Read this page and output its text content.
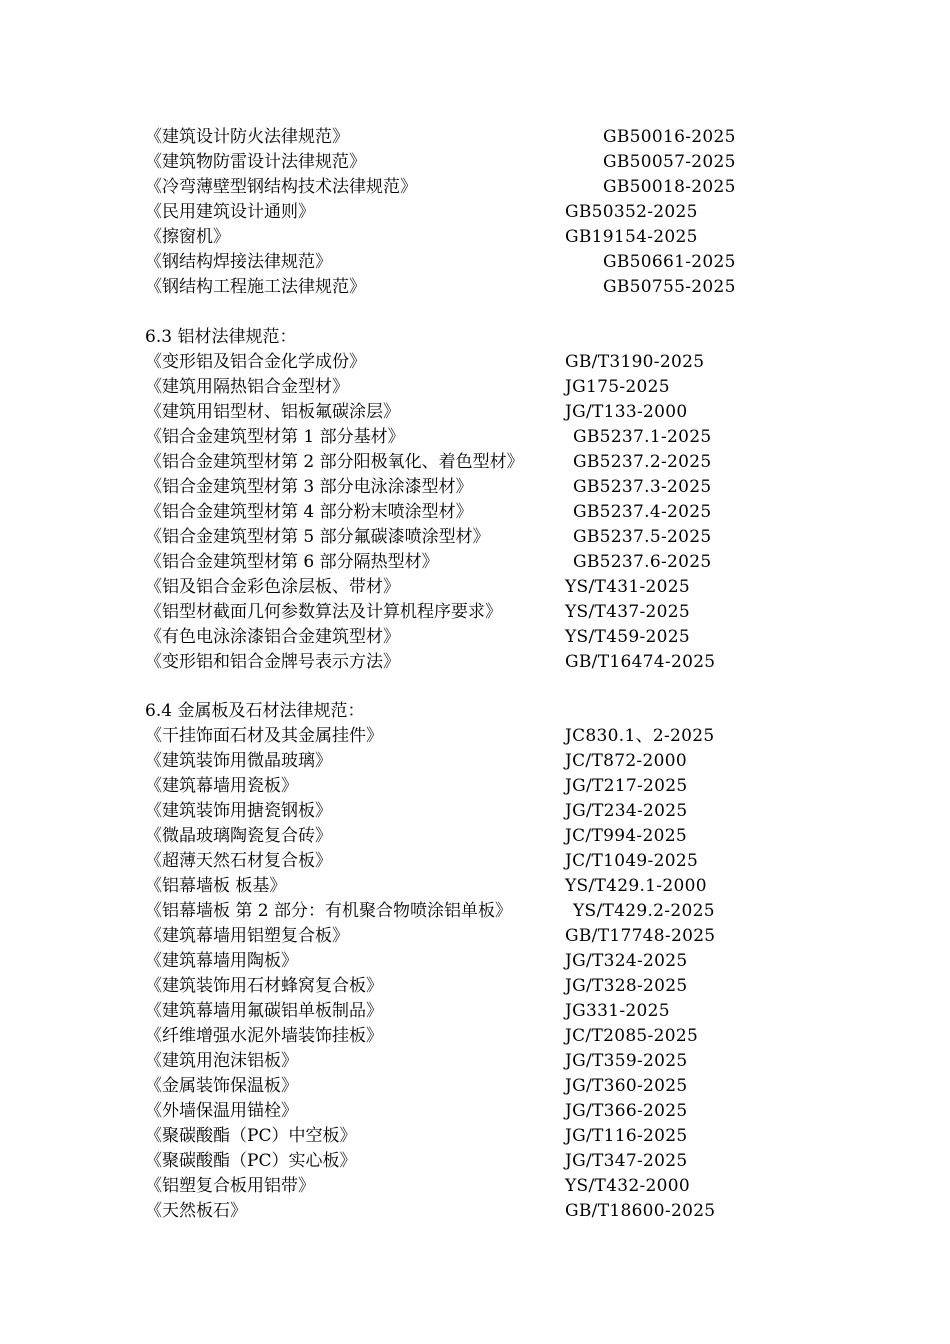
《建筑设计防火法律规范》	GB50016-2025
《建筑物防雷设计法律规范》	GB50057-2025
《冷弯薄壁型钢结构技术法律规范》	GB50018-2025
《民用建筑设计通则》	GB50352-2025
《擦窗机》	GB19154-2025
《钢结构焊接法律规范》	GB50661-2025
《钢结构工程施工法律规范》	GB50755-2025
6.3 铝材法律规范：
《变形铝及铝合金化学成份》	GB/T3190-2025
《建筑用隔热铝合金型材》	JG175-2025
《建筑用铝型材、铝板氟碳涂层》	JG/T133-2000
《铝合金建筑型材第 1 部分基材》	GB5237.1-2025
《铝合金建筑型材第 2 部分阳极氧化、着色型材》	GB5237.2-2025
《铝合金建筑型材第 3 部分电泳涂漆型材》	GB5237.3-2025
《铝合金建筑型材第 4 部分粉末喷涂型材》	GB5237.4-2025
《铝合金建筑型材第 5 部分氟碳漆喷涂型材》	GB5237.5-2025
《铝合金建筑型材第 6 部分隔热型材》	GB5237.6-2025
《铝及铝合金彩色涂层板、带材》	YS/T431-2025
《铝型材截面几何参数算法及计算机程序要求》	YS/T437-2025
《有色电泳涂漆铝合金建筑型材》	YS/T459-2025
《变形铝和铝合金牌号表示方法》	GB/T16474-2025
6.4 金属板及石材法律规范：
《干挂饰面石材及其金属挂件》	JC830.1、2-2025
《建筑装饰用微晶玻璃》	JC/T872-2000
《建筑幕墙用瓷板》	JG/T217-2025
《建筑装饰用搪瓷钢板》	JG/T234-2025
《微晶玻璃陶瓷复合砖》	JC/T994-2025
《超薄天然石材复合板》	JC/T1049-2025
《铝幕墙板 板基》	YS/T429.1-2000
《铝幕墙板 第 2 部分：有机聚合物喷涂铝单板》	YS/T429.2-2025
《建筑幕墙用铝塑复合板》	GB/T17748-2025
《建筑幕墙用陶板》	JG/T324-2025
《建筑装饰用石材蜂窝复合板》	JG/T328-2025
《建筑幕墙用氟碳铝单板制品》	JG331-2025
《纤维增强水泥外墙装饰挂板》	JC/T2085-2025
《建筑用泡沫铝板》	JG/T359-2025
《金属装饰保温板》	JG/T360-2025
《外墙保温用锚栓》	JG/T366-2025
《聚碳酸酯（PC）中空板》	JG/T116-2025
《聚碳酸酯（PC）实心板》	JG/T347-2025
《铝塑复合板用铝带》	YS/T432-2000
《天然板石》	GB/T18600-2025
